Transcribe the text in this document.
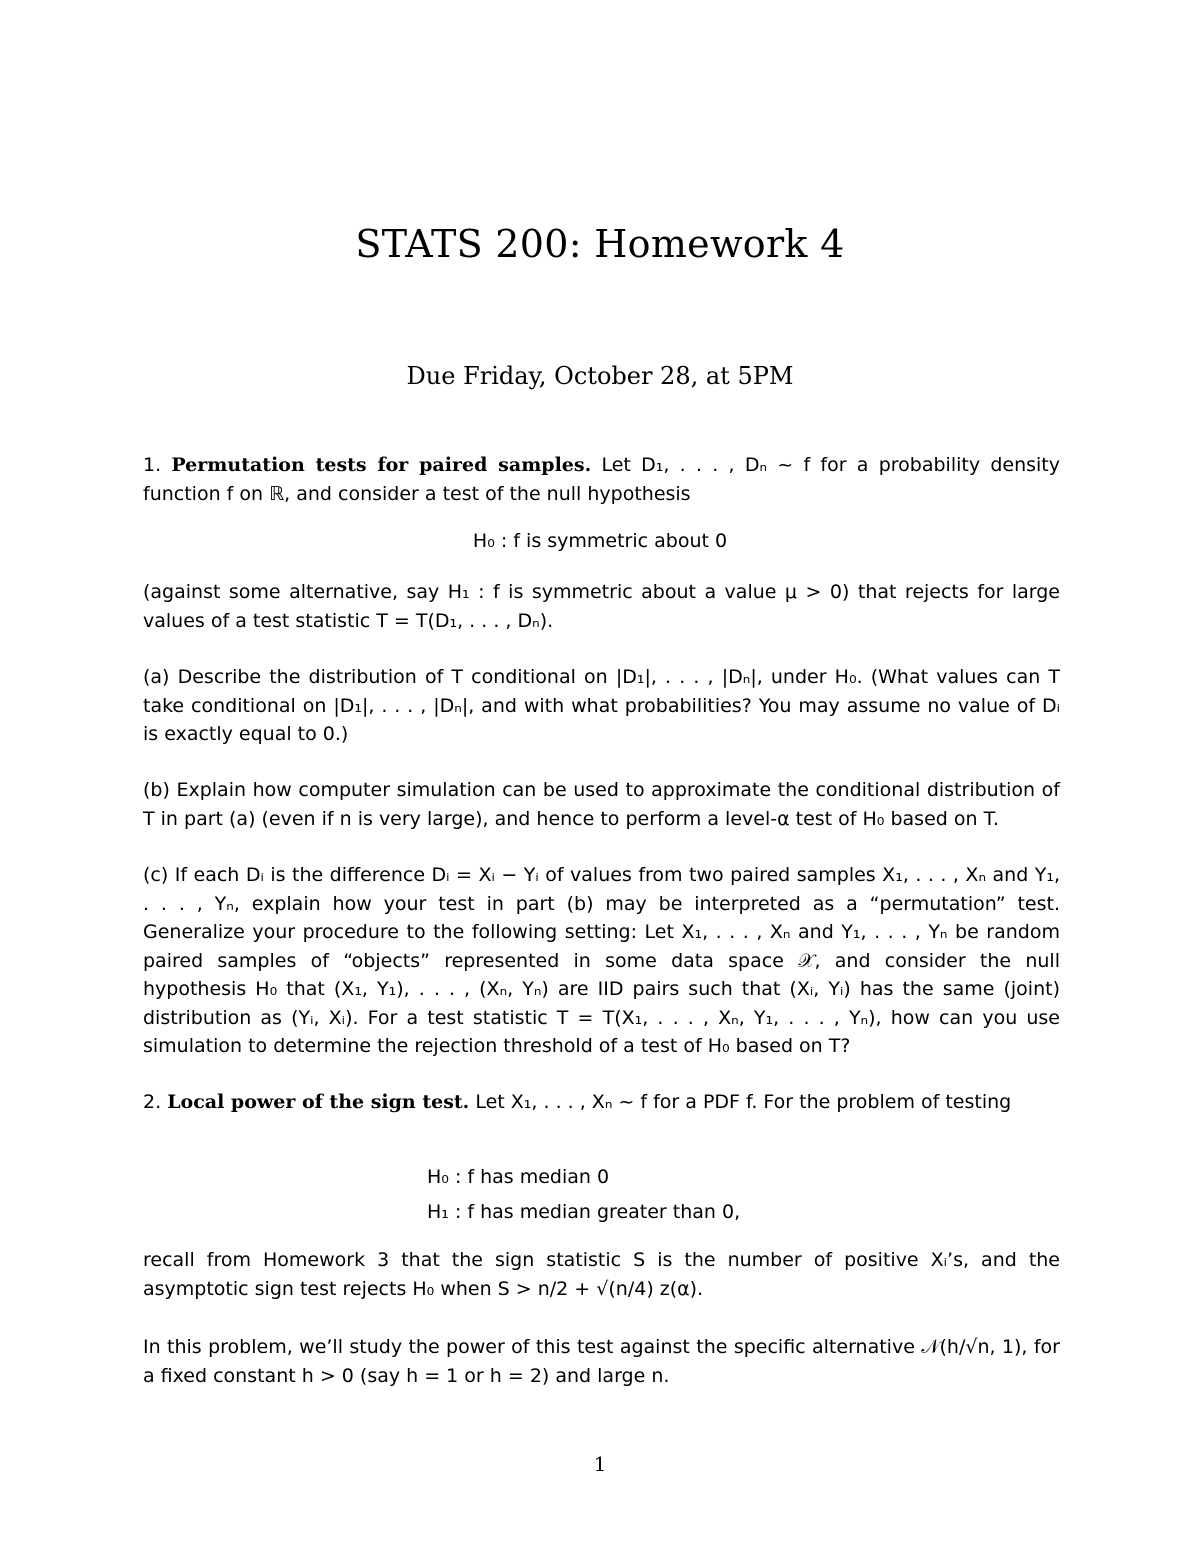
STATS 200: Homework 4
Due Friday, October 28, at 5PM
1. Permutation tests for paired samples. Let D₁, . . . , Dₙ ~ f for a probability density function f on ℝ, and consider a test of the null hypothesis
H₀ : f is symmetric about 0
(against some alternative, say H₁ : f is symmetric about a value μ > 0) that rejects for large values of a test statistic T = T(D₁, . . . , Dₙ).
(a) Describe the distribution of T conditional on |D₁|, . . . , |Dₙ|, under H₀. (What values can T take conditional on |D₁|, . . . , |Dₙ|, and with what probabilities? You may assume no value of Dᵢ is exactly equal to 0.)
(b) Explain how computer simulation can be used to approximate the conditional distribution of T in part (a) (even if n is very large), and hence to perform a level-α test of H₀ based on T.
(c) If each Dᵢ is the difference Dᵢ = Xᵢ − Yᵢ of values from two paired samples X₁, . . . , Xₙ and Y₁, . . . , Yₙ, explain how your test in part (b) may be interpreted as a “permutation” test. Generalize your procedure to the following setting: Let X₁, . . . , Xₙ and Y₁, . . . , Yₙ be random paired samples of “objects” represented in some data space 𝒳, and consider the null hypothesis H₀ that (X₁, Y₁), . . . , (Xₙ, Yₙ) are IID pairs such that (Xᵢ, Yᵢ) has the same (joint) distribution as (Yᵢ, Xᵢ). For a test statistic T = T(X₁, . . . , Xₙ, Y₁, . . . , Yₙ), how can you use simulation to determine the rejection threshold of a test of H₀ based on T?
2. Local power of the sign test. Let X₁, . . . , Xₙ ~ f for a PDF f. For the problem of testing
H₀ : f has median 0
H₁ : f has median greater than 0,
recall from Homework 3 that the sign statistic S is the number of positive Xᵢ’s, and the asymptotic sign test rejects H₀ when S > n/2 + √(n/4) z(α).
In this problem, we’ll study the power of this test against the specific alternative 𝒩(h/√n, 1), for a fixed constant h > 0 (say h = 1 or h = 2) and large n.
1
